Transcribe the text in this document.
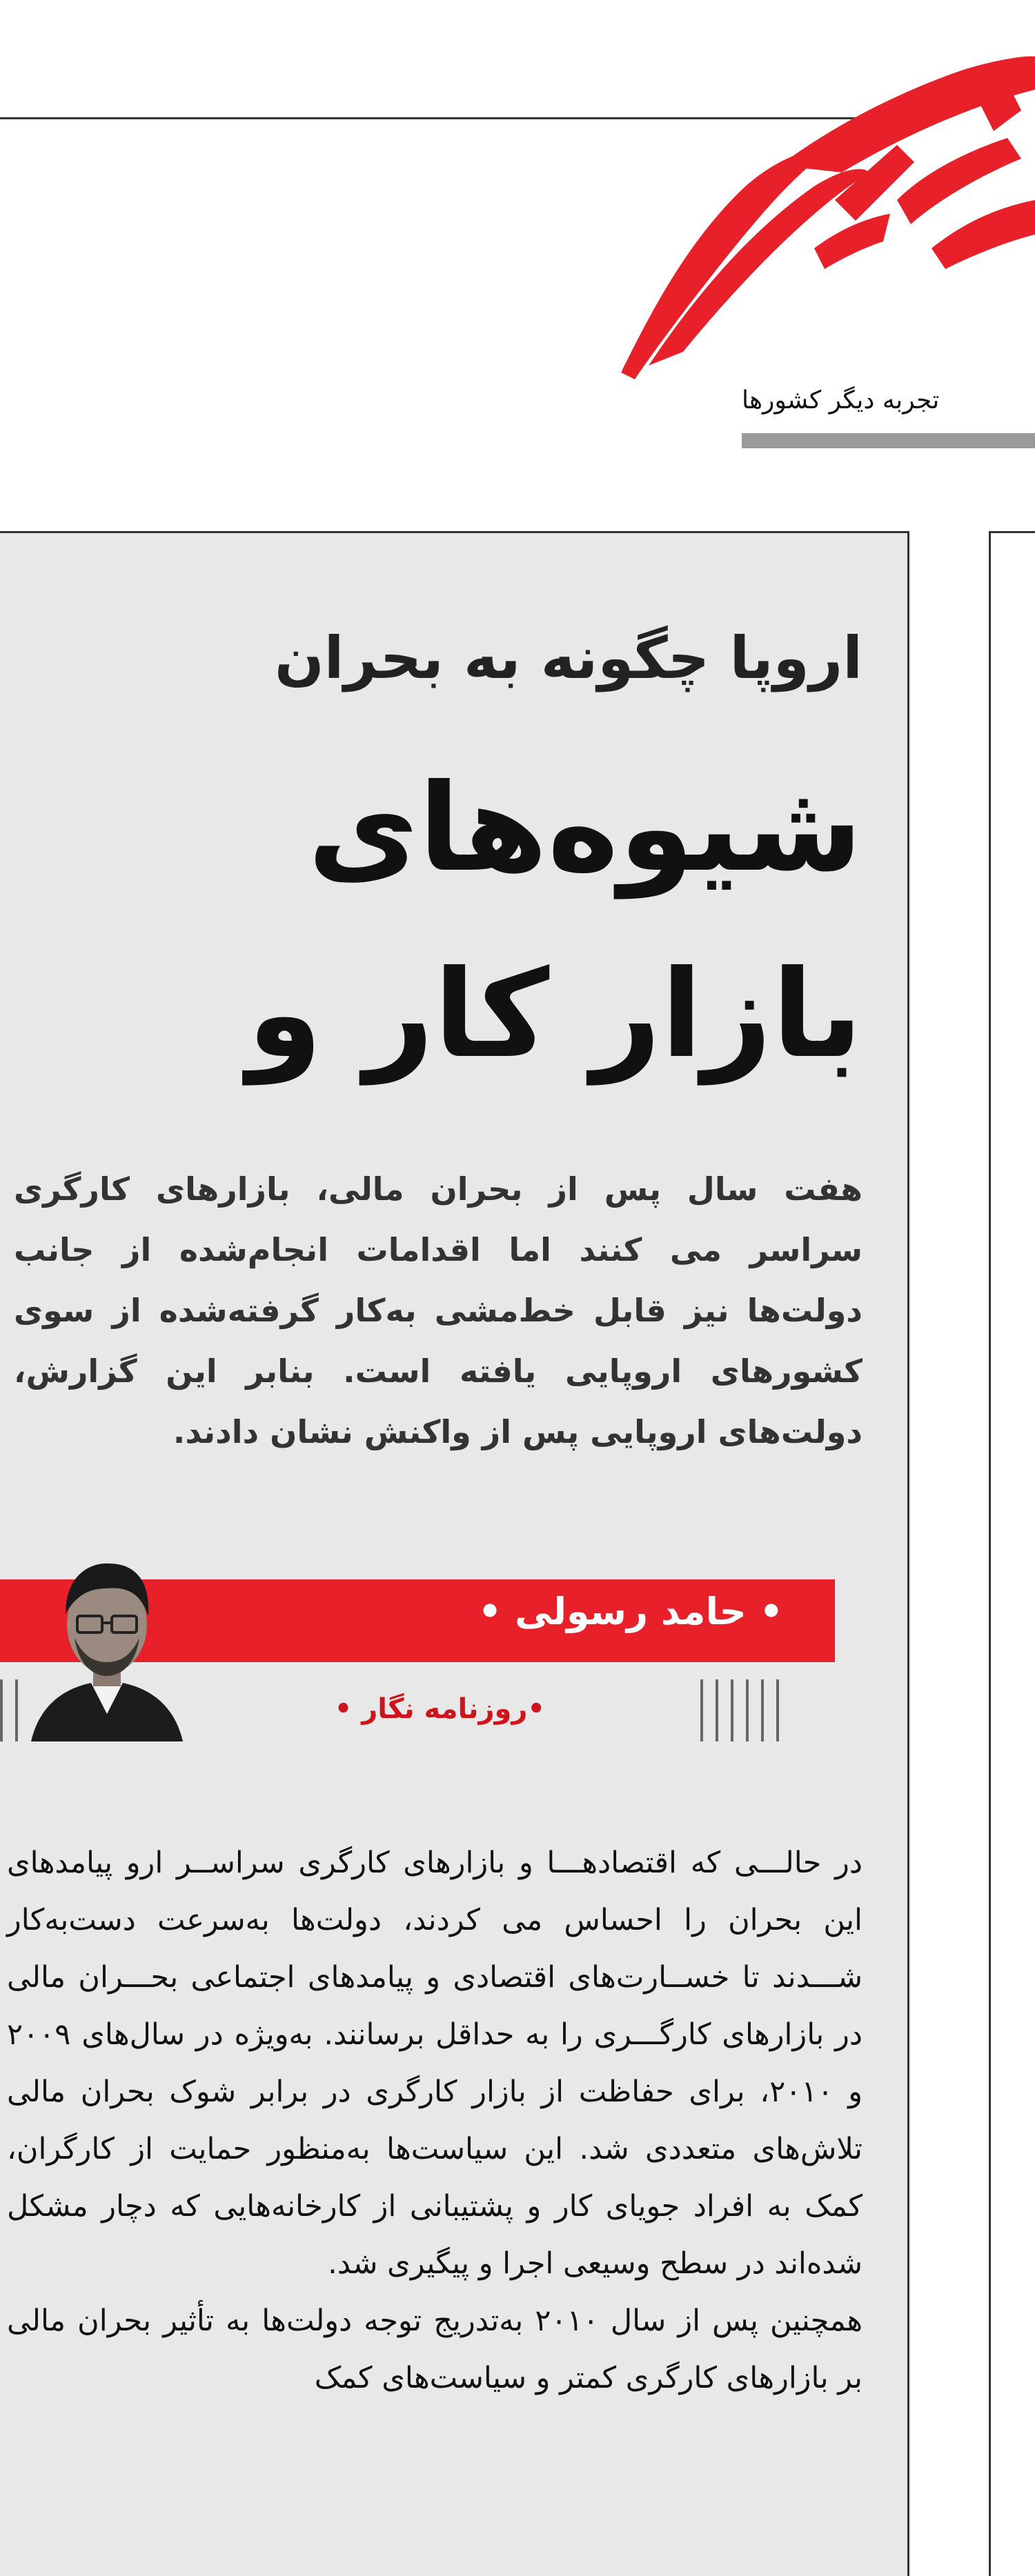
تجربه دیگر کشورها
اروپا چگونه به بحران
شیوه‌های
بازار کار و
هفت سال پس از بحران مالی، بازارهای کارگری سراسر می کنند اما اقدامات انجام‌شده از جانب دولت‌ها نیز قابل خط‌مشی به‌کار گرفته‌شده از سوی کشورهای اروپایی یافته است. بنابر این گزارش، دولت‌های اروپایی پس از واکنش نشان دادند.
• حامد رسولی •
•روزنامه نگار •

در حالـــی که اقتصادهـــا و بازارهای کارگری سراســر ارو پیامدهای این بحران را احساس می کردند، دولت‌ها به‌سرعت دست‌به‌کار شـــدند تا خســارت‌های اقتصادی و پیامدهای اجتماعی بحـــران مالی در بازارهای کارگـــری را به حداقل برسانند. به‌ویژه در سال‌های ۲۰۰۹ و ۲۰۱۰، برای حفاظت از بازار کارگری در برابر شوک بحران مالی تلاش‌های متعددی شد. این سیاست‌ها به‌منظور حمایت از کارگران، کمک به افراد جویای کار و پشتیبانی از کارخانه‌هایی که دچار مشکل شده‌اند در سطح وسیعی اجرا و پیگیری شد.

همچنین پس از سال ۲۰۱۰ به‌تدریج توجه دولت‌ها به تأثیر بحران مالی بر بازارهای کارگری کمتر و سیاست‌های کمک
